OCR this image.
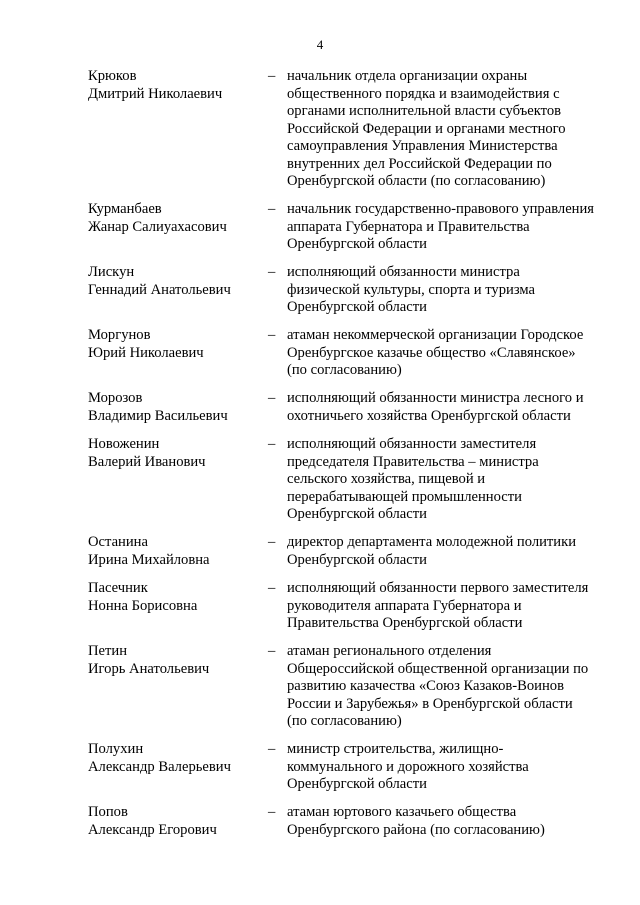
4
Крюков
Дмитрий Николаевич
– начальник отдела организации охраны
общественного порядка и взаимодействия с
органами исполнительной власти субъектов
Российской Федерации и органами местного
самоуправления Управления Министерства
внутренних дел Российской Федерации по
Оренбургской области (по согласованию)
Курманбаев
Жанар Салиуахасович
– начальник государственно-правового управления
аппарата Губернатора и Правительства
Оренбургской области
Лискун
Геннадий Анатольевич
– исполняющий обязанности министра
физической культуры, спорта и туризма
Оренбургской области
Моргунов
Юрий Николаевич
– атаман некоммерческой организации Городское
Оренбургское казачье общество «Славянское»
(по согласованию)
Морозов
Владимир Васильевич
– исполняющий обязанности министра лесного и
охотничьего хозяйства Оренбургской области
Новоженин
Валерий Иванович
– исполняющий обязанности заместителя
председателя Правительства – министра
сельского хозяйства, пищевой и
перерабатывающей промышленности
Оренбургской области
Останина
Ирина Михайловна
– директор департамента молодежной политики
Оренбургской области
Пасечник
Нонна Борисовна
– исполняющий обязанности первого заместителя
руководителя аппарата Губернатора и
Правительства Оренбургской области
Петин
Игорь Анатольевич
– атаман регионального отделения
Общероссийской общественной организации по
развитию казачества «Союз Казаков-Воинов
России и Зарубежья» в Оренбургской области
(по согласованию)
Полухин
Александр Валерьевич
– министр строительства, жилищно-
коммунального и дорожного хозяйства
Оренбургской области
Попов
Александр Егорович
– атаман юртового казачьего общества
Оренбургского района (по согласованию)
